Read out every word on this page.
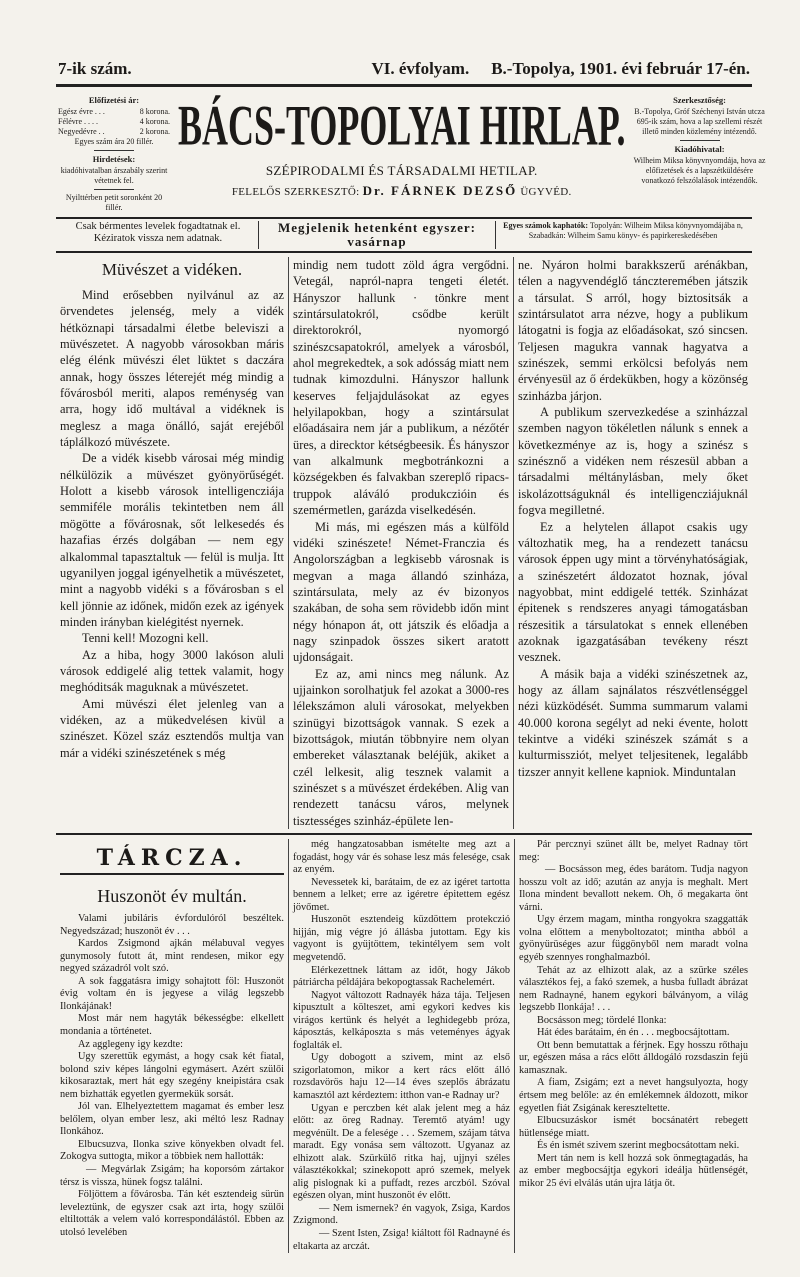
7-ik szám.	VI. évfolyam. B.-Topolya, 1901. évi február 17-én.
Előfizetési ár:
Egész évre . . .	8 korona.
Félévre . . . .	4 korona.
Negyedévre . .	2 korona.
Egyes szám ára 20 fillér.
Hirdetések:
kiadóhivatalban árszabály szerint vétetnek fel.
Nyilttérben petit soronként 20 fillér.
BÁCS-TOPOLYAI HIRLAP.
SZÉPIRODALMI ÉS TÁRSADALMI HETILAP.
FELELŐS SZERKESZTŐ: Dr. FÁRNEK DEZSŐ ÜGYVÉD.
Szerkesztőség:
B.-Topolya, Gróf Széchenyi István utcza 695-ik szám, hova a lap szellemi részét illető minden közlemény intézendő.
Kiadóhivatal:
Wilheim Miksa könyvnyomdája, hova az előfizetések és a lapszétküldésére vonatkozó felszólalások intézendők.
Csak bérmentes levelek fogadtatnak el. Kéziratok vissza nem adatnak.
Megjelenik hetenként egyszer: vasárnap
Egyes számok kaphatók: Topolyán: Wilheim Miksa könyvnyomdájába n, Szabadkán: Wilheim Samu könyv- és papirkereskedésében
Müvészet a vidéken.

Mind erősebben nyilvánul az az örvendetes jelenség, mely a vidék hétköznapi társadalmi életbe beleviszi a müvészetet. A nagyobb városokban máris elég élénk müvészi élet lüktet s daczára annak, hogy összes léterejét még mindig a fővárosból meriti, alapos reménység van arra, hogy idő multával a vidéknek is meglesz a maga önálló, saját erejéből táplálkozó müvészete.

De a vidék kisebb városai még mindig nélkülözik a müvészet gyönyörűségét. Holott a kisebb városok intelligencziája semmiféle morális tekintetben nem áll mögötte a fővárosnak, sőt lelkesedés és hazafias érzés dolgában — nem egy alkalommal tapasztaltuk — felül is mulja. Itt ugyanilyen joggal igényelhetik a müvészetet, mint a nagyobb vidéki s a fővárosban s el kell jönnie az időnek, midőn ezek az igények minden irányban kielégitést nyernek.

Tenni kell! Mozogni kell.

Az a hiba, hogy 3000 lakóson aluli városok eddigelé alig tettek valamit, hogy meghóditsák maguknak a müvészetet.

Ami müvészi élet jelenleg van a vidéken, az a mükedvelésen kivül a szinészet. Közel száz esztendős multja van már a vidéki szinészetének s még

mindig nem tudott zöld ágra vergődni. Vetegál, napról-napra tengeti életét. Hányszor hallunk · tönkre ment szintársulatokról, csődbe került direktorokról, nyomorgó szinészcsapatokról, amelyek a városból, ahol megrekedtek, a sok adósság miatt nem tudnak kimozdulni. Hányszor hallunk keserves feljajdulásokat az egyes helyilapokban, hogy a szintársulat előadásaira nem jár a publikum, a nézőtér üres, a direcktor kétségbeesik. És hányszor van alkalmunk megbotránkozni a községekben és falvakban szereplő ripacs-truppok aláváló produkczióin és szemérmetlen, garázda viselkedésén.

Mi más, mi egészen más a külföld vidéki szinészete! Német-Franczia és Angolországban a legkisebb városnak is megvan a maga állandó szinháza, szintársulata, mely az év bizonyos szakában, de soha sem rövidebb időn mint négy hónapon át, ott játszik és előadja a nagy szinpadok összes sikert aratott ujdonságait.

Ez az, ami nincs meg nálunk. Az ujjainkon sorolhatjuk fel azokat a 3000-res lélekszámon aluli városokat, melyekben szinügyi bizottságok vannak. S ezek a bizottságok, miután többnyire nem olyan embereket választanak beléjük, akiket a czél lelkesit, alig tesznek valamit a szinészet s a müvészet érdekében. Alig van rendezett tanácsu város, melynek tisztességes szinház-épülete len-

ne. Nyáron holmi barakkszerű arénákban, télen a nagyvendéglő tánczteremében játszik a társulat. S arról, hogy biztositsák a szintársulatot arra nézve, hogy a publikum látogatni is fogja az előadásokat, szó sincsen. Teljesen magukra vannak hagyatva a szinészek, semmi erkölcsi befolyás nem érvényesül az ő érdekükben, hogy a közönség szinházba járjon.

A publikum szervezkedése a szinházzal szemben nagyon tökéletlen nálunk s ennek a következménye az is, hogy a szinész s szinésznő a vidéken nem részesül abban a társadalmi méltánylásban, mely őket iskolázottságuknál és intelligencziájuknál fogva megilletné.

Ez a helytelen állapot csakis ugy változhatik meg, ha a rendezett tanácsu városok éppen ugy mint a törvényhatóságiak, a szinészetért áldozatot hoznak, jóval nagyobbat, mint eddigelé tették. Szinházat épitenek s rendszeres anyagi támogatásban részesitik a társulatokat s ennek ellenében azoknak igazgatásában tevékeny részt vesznek.

A másik baja a vidéki szinészetnek az, hogy az állam sajnálatos részvétlenséggel nézi küzködését. Summa summarum valami 40.000 korona segélyt ad neki évente, holott tekintve a vidéki szinészek számát s a kulturmissziót, melyet teljesitenek, legalább tizszer annyit kellene kapniok. Minduntalan

TÁRCZA.
Huszonöt év multán.

Valami jubiláris évfordulóról beszéltek. Negyedszázad; huszonöt év . . .

Kardos Zsigmond ajkán mélabuval vegyes gunymosoly futott át, mint rendesen, mikor egy negyed századról volt szó.

A sok faggatásra imigy sohajtott föl: Huszonöt évig voltam én is jegyese a világ legszebb Ilonkájának!

Most már nem hagyták békességbe: elkellett mondania a történetet.

Az agglegeny igy kezdte:

Ugy szerettük egymást, a hogy csak két fiatal, bolond sziv képes lángolni egymásert. Azért szülői kikosaraztak, mert hát egy szegény kneipistára csak nem bizhatták egyetlen gyermekük sorsát.

Jól van. Elhelyeztettem magamat és ember lesz belőlem, olyan ember lesz, aki méltó lesz Radnay Ilonkához.

Elbucsuzva, Ilonka szive könyekben olvadt fel. Zokogva suttogta, mikor a többiek nem hallották:

— Megvárlak Zsigám; ha koporsóm zártakor térsz is vissza, hünek fogsz találni.

Följöttem a fővárosba. Tán két esztendeig sürün leveleztünk, de egyszer csak azt irta, hogy szülői eltiltották a velem való korrespondálástól. Ebben az utolsó levelében

még hangzatosabban ismételte meg azt a fogadást, hogy vár és sohase lesz más felesége, csak az enyém.

Nevessetek ki, barátaim, de ez az igéret tartotta bennem a lelket; erre az igéretre épitettem egész jövőmet.

Huszonöt esztendeig küzdöttem protekczió hijján, mig végre jó állásba jutottam. Egy kis vagyont is gyüjtöttem, tekintélyem sem volt megvetendő.

Elérkezettnek láttam az időt, hogy Jákob pátriárcha példájára bekopogtassak Rachelemért.

Nagyot változott Radnayék háza tája. Teljesen kipusztult a költeszet, ami egykori kedves kis virágos kertünk és helyét a leghidegebb próza, káposztás, kelkáposzta s más veteményes ágyak foglalták el.

Ugy dobogott a szivem, mint az első szigorlatomon, mikor a kert rács előtt álló rozsdavörös haju 12—14 éves szeplős ábrázatu kamasztól azt kérdeztem: itthon van-e Radnay ur?

Ugyan e perczben két alak jelent meg a ház előtt: az öreg Radnay. Teremtő atyám! ugy megvénült. De a felesége . . . Szemem, szájam tátva maradt. Egy vonása sem változott. Ugyanaz az elhizott alak. Szürkülő ritka haj, ujjnyi széles választékokkal; szinekopott apró szemek, melyek alig pislognak ki a puffadt, rezes arczból. Szóval egészen olyan, mint huszonöt év előtt.

— Nem ismernek? én vagyok, Zsiga, Kardos Zzigmond.

— Szent Isten, Zsiga! kiáltott föl Radnayné és eltakarta az arczát.

Pár percznyi szünet állt be, melyet Radnay tört meg:

— Bocsásson meg, édes barátom. Tudja nagyon hosszu volt az idő; azután az anyja is meghalt. Mert Ilona mindent bevallott nekem. Oh, ő megakarta önt várni.

Ugy érzem magam, mintha rongyokra szaggatták volna előttem a menyboltozatot; mintha abból a gyönyürüséges azur függönyből nem maradt volna egyéb szennyes ronghalmazból.

Tehát az az elhizott alak, az a szürke széles választékos fej, a fakó szemek, a husba fulladt ábrázat nem Radnayné, hanem egykori bálványom, a világ legszebb Ilonkája! . . .

Bocsásson meg; tördelé Ilonka:

Hát édes barátaim, én én . . . megbocsájtottam.

Ott benn bemutattak a férjnek. Egy hosszu rőthaju ur, egészen mása a rács előtt álldogáló rozsdaszin fejü kamasznak.

A fiam, Zsigám; ezt a nevet hangsulyozta, hogy értsem meg belőle: az én emlékemnek áldozott, mikor egyetlen fiát Zsigának kereszteltette.

Elbucsuzáskor ismét bocsánatért rebegett hütlensége miatt.

És én ismét szivem szerint megbocsátottam neki.

Mert tán nem is kell hozzá sok önmegtagadás, ha az ember megbocsájtja egykori ideálja hütlenségét, mikor 25 évi elválás után ujra látja őt.
